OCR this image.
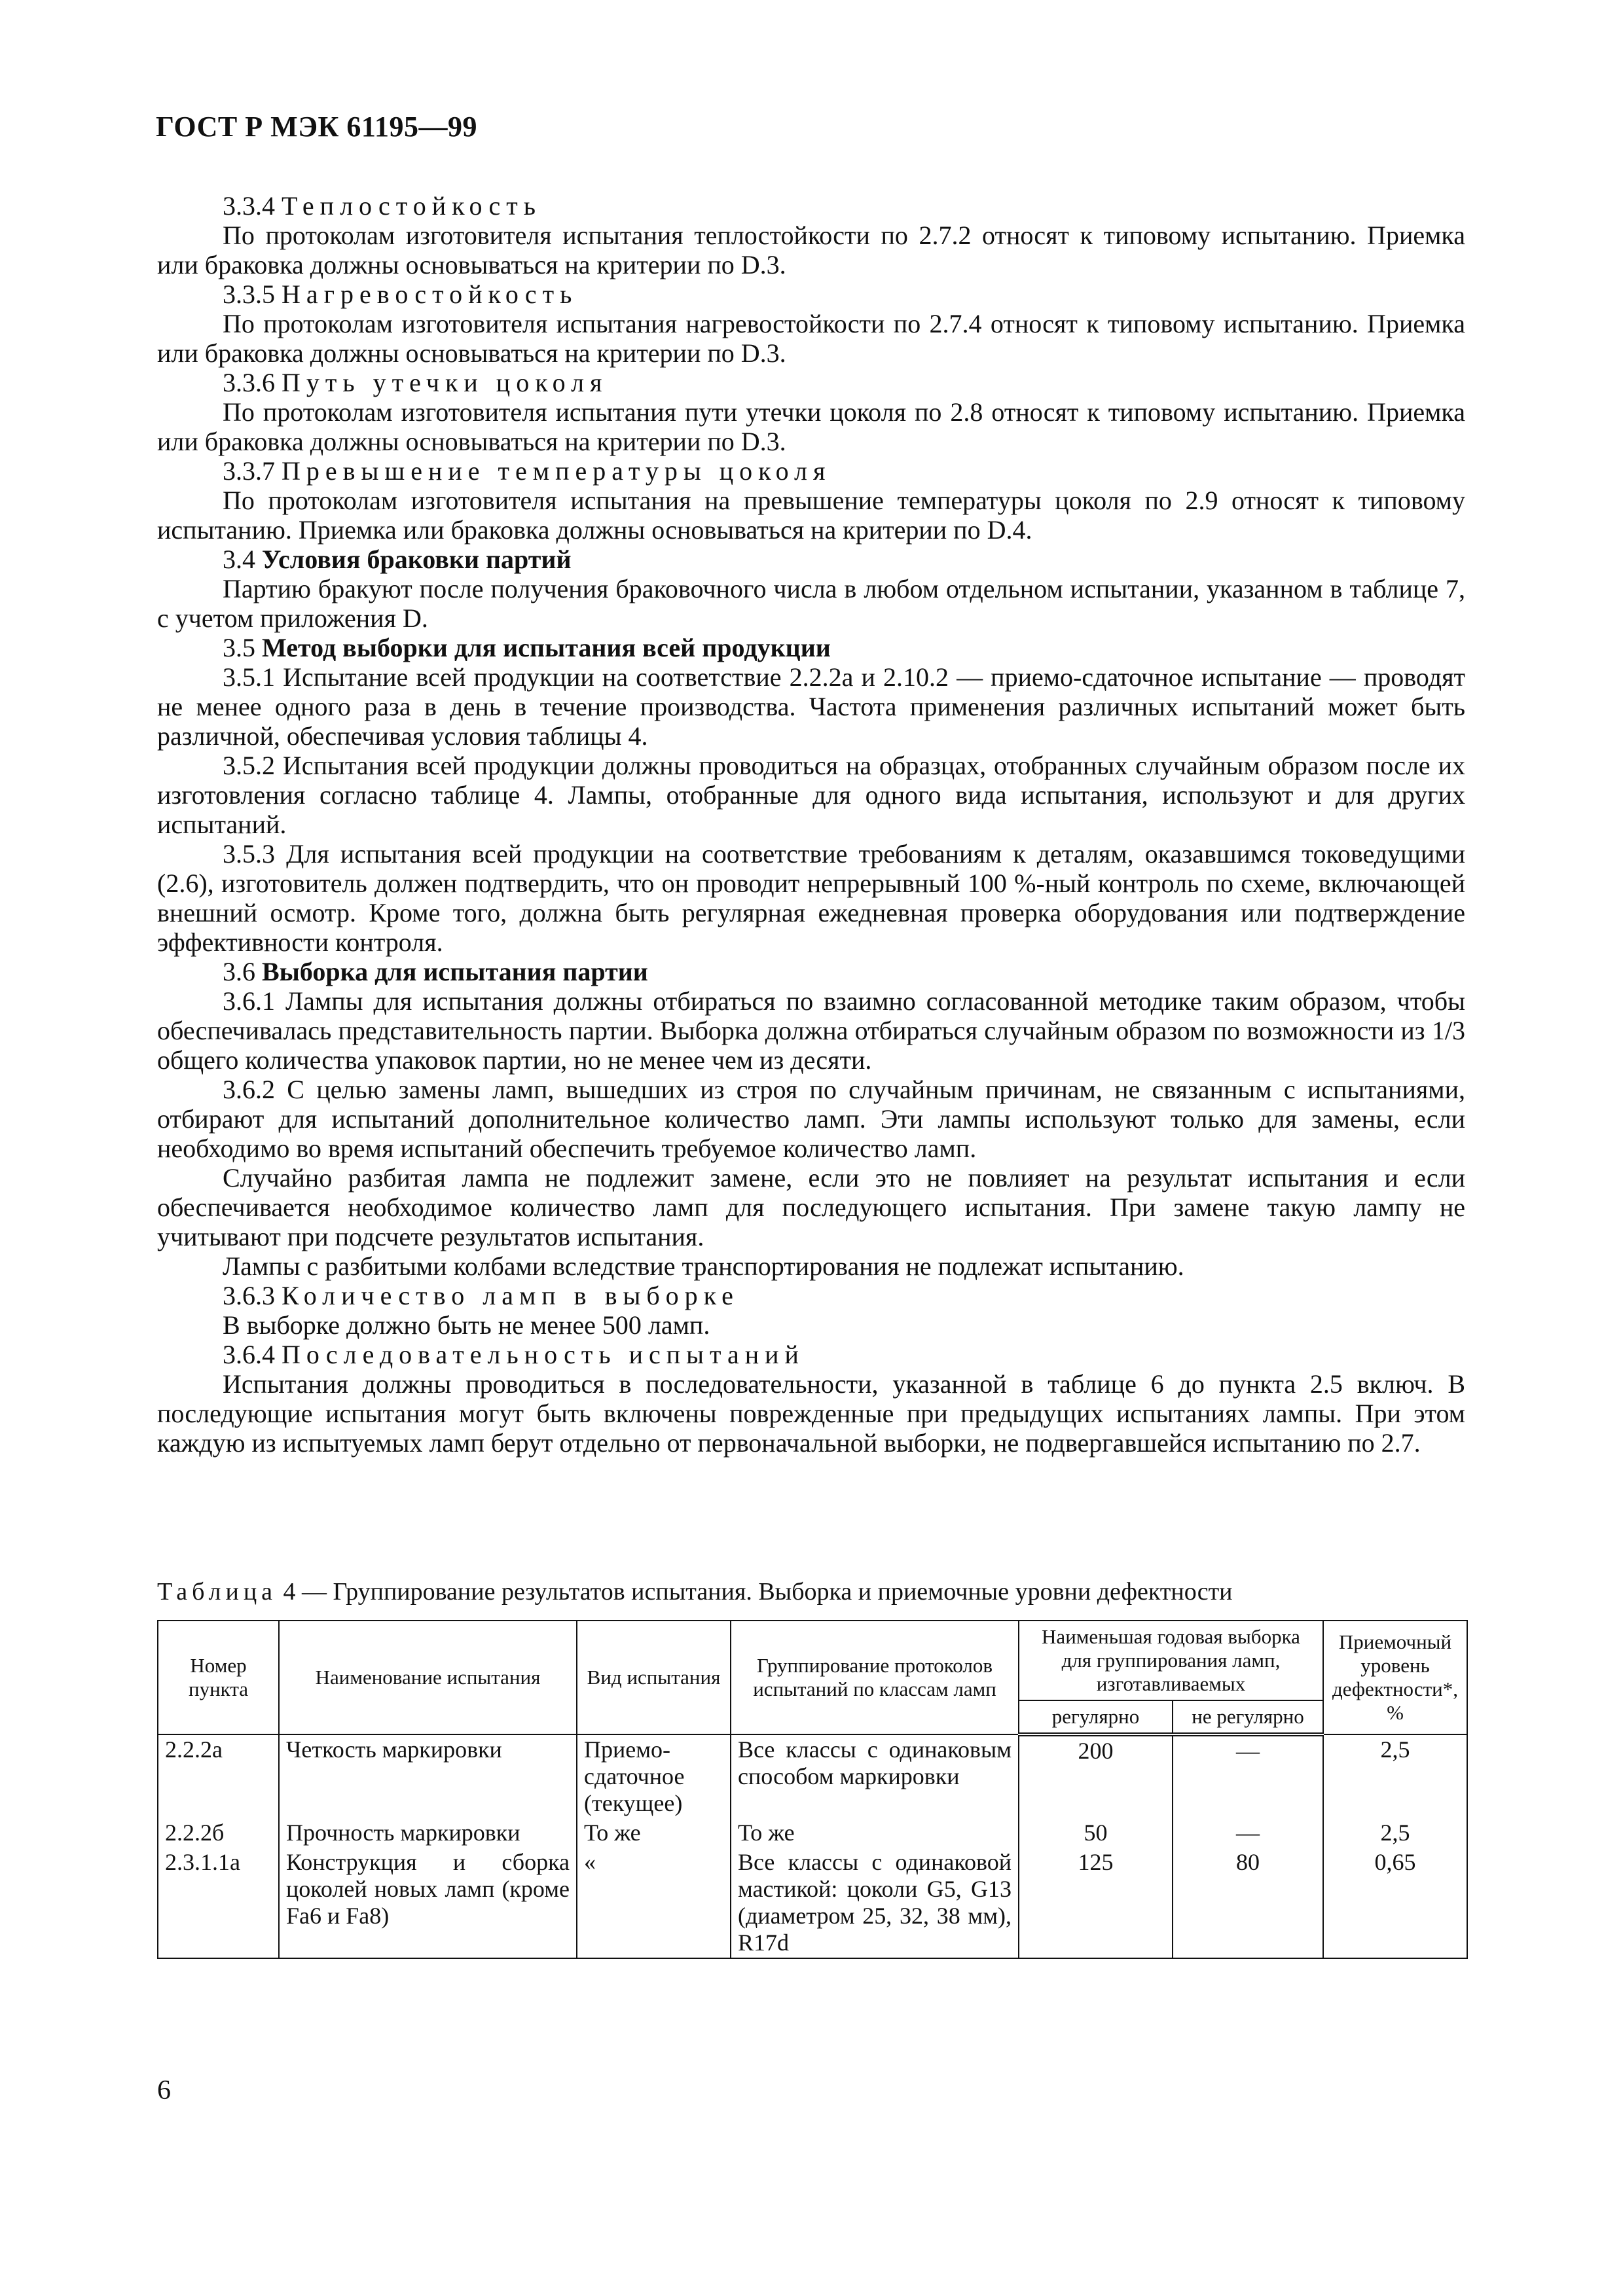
ГОСТ Р МЭК 61195—99

3.3.4 Теплостойкость

По протоколам изготовителя испытания теплостойкости по 2.7.2 относят к типовому испытанию. Приемка или браковка должны основываться на критерии по D.3.

3.3.5 Нагревостойкость

По протоколам изготовителя испытания нагревостойкости по 2.7.4 относят к типовому испытанию. Приемка или браковка должны основываться на критерии по D.3.

3.3.6 Путь утечки цоколя

По протоколам изготовителя испытания пути утечки цоколя по 2.8 относят к типовому испытанию. Приемка или браковка должны основываться на критерии по D.3.

3.3.7 Превышение температуры цоколя

По протоколам изготовителя испытания на превышение температуры цоколя по 2.9 относят к типовому испытанию. Приемка или браковка должны основываться на критерии по D.4.

3.4 Условия браковки партий

Партию бракуют после получения браковочного числа в любом отдельном испытании, указанном в таблице 7, с учетом приложения D.

3.5 Метод выборки для испытания всей продукции

3.5.1 Испытание всей продукции на соответствие 2.2.2а и 2.10.2 — приемо-сдаточное испытание — проводят не менее одного раза в день в течение производства. Частота применения различных испытаний может быть различной, обеспечивая условия таблицы 4.

3.5.2 Испытания всей продукции должны проводиться на образцах, отобранных случайным образом после их изготовления согласно таблице 4. Лампы, отобранные для одного вида испытания, используют и для других испытаний.

3.5.3 Для испытания всей продукции на соответствие требованиям к деталям, оказавшимся токоведущими (2.6), изготовитель должен подтвердить, что он проводит непрерывный 100 %-ный контроль по схеме, включающей внешний осмотр. Кроме того, должна быть регулярная ежедневная проверка оборудования или подтверждение эффективности контроля.

3.6 Выборка для испытания партии

3.6.1 Лампы для испытания должны отбираться по взаимно согласованной методике таким образом, чтобы обеспечивалась представительность партии. Выборка должна отбираться случайным образом по возможности из 1/3 общего количества упаковок партии, но не менее чем из десяти.

3.6.2 С целью замены ламп, вышедших из строя по случайным причинам, не связанным с испытаниями, отбирают для испытаний дополнительное количество ламп. Эти лампы используют только для замены, если необходимо во время испытаний обеспечить требуемое количество ламп.

Случайно разбитая лампа не подлежит замене, если это не повлияет на результат испытания и если обеспечивается необходимое количество ламп для последующего испытания. При замене такую лампу не учитывают при подсчете результатов испытания.

Лампы с разбитыми колбами вследствие транспортирования не подлежат испытанию.

3.6.3 Количество ламп в выборке

В выборке должно быть не менее 500 ламп.

3.6.4 Последовательность испытаний

Испытания должны проводиться в последовательности, указанной в таблице 6 до пункта 2.5 включ. В последующие испытания могут быть включены поврежденные при предыдущих испытаниях лампы. При этом каждую из испытуемых ламп берут отдельно от первоначальной выборки, не подвергавшейся испытанию по 2.7.

Таблица 4 — Группирование результатов испытания. Выборка и приемочные уровни дефектности
Номер пункта	Наименование испытания	Вид испытания	Группирование протоколов испытаний по классам ламп	Наименьшая годовая выборка для группирования ламп, изготавливаемых		Приемочный уровень дефектности*, %
				регулярно	не регулярно	
2.2.2а	Четкость маркировки	Приемо-сдаточное (текущее)	Все классы с одинаковым способом маркировки	200	—	2,5
2.2.2б	Прочность маркировки	То же	То же	50	—	2,5
2.3.1.1а	Конструкция и сборка цоколей новых ламп (кроме Fa6 и Fa8)	«	Все классы с одинаковой мастикой: цоколи G5, G13 (диаметром 25, 32, 38 мм), R17d	125	80	0,65
6
